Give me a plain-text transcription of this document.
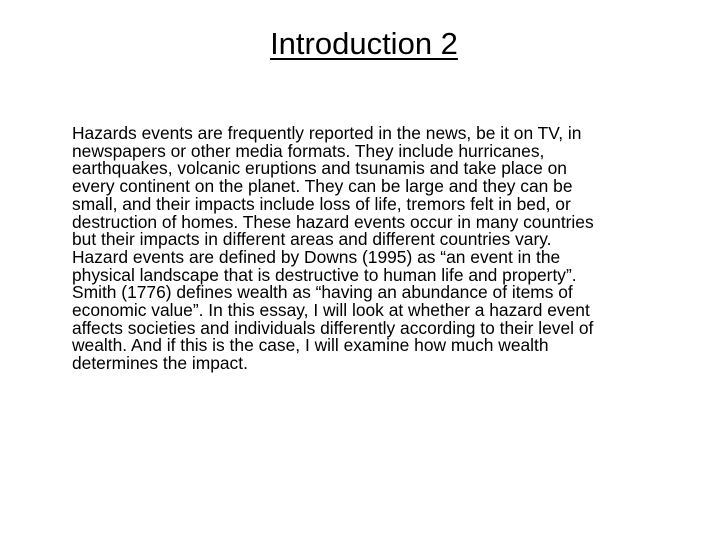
Introduction 2

Hazards events are frequently reported in the news, be it on TV, in
newspapers or other media formats. They include hurricanes,
earthquakes, volcanic eruptions and tsunamis and take place on
every continent on the planet. They can be large and they can be
small, and their impacts include loss of life, tremors felt in bed, or
destruction of homes. These hazard events occur in many countries
but their impacts in different areas and different countries vary.
Hazard events are defined by Downs (1995) as “an event in the
physical landscape that is destructive to human life and property”.
Smith (1776) defines wealth as “having an abundance of items of
economic value”. In this essay, I will look at whether a hazard event
affects societies and individuals differently according to their level of
wealth. And if this is the case, I will examine how much wealth
determines the impact.
